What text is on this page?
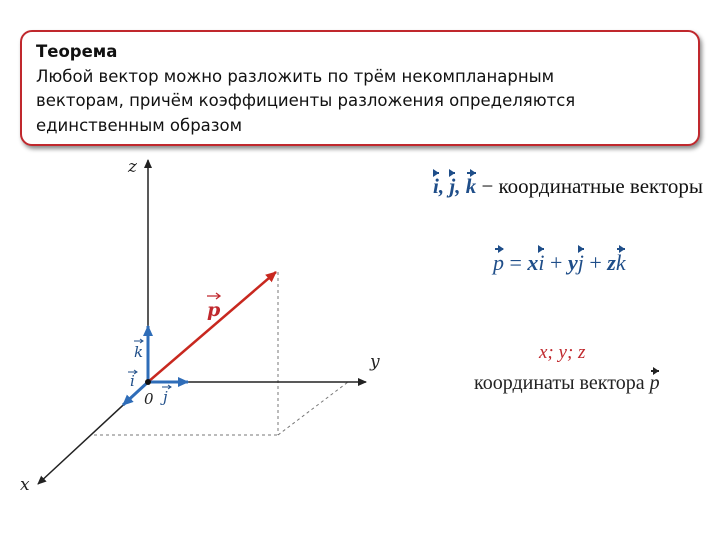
Теорема
Любой вектор можно разложить по трём некомпланарным
векторам, причём коэффициенты разложения определяются
единственным образом
z
y
x
0
k
i
j
p
i, j, k − координатные векторы
p = xi + yj + zk
x; y; z
координаты вектора p
